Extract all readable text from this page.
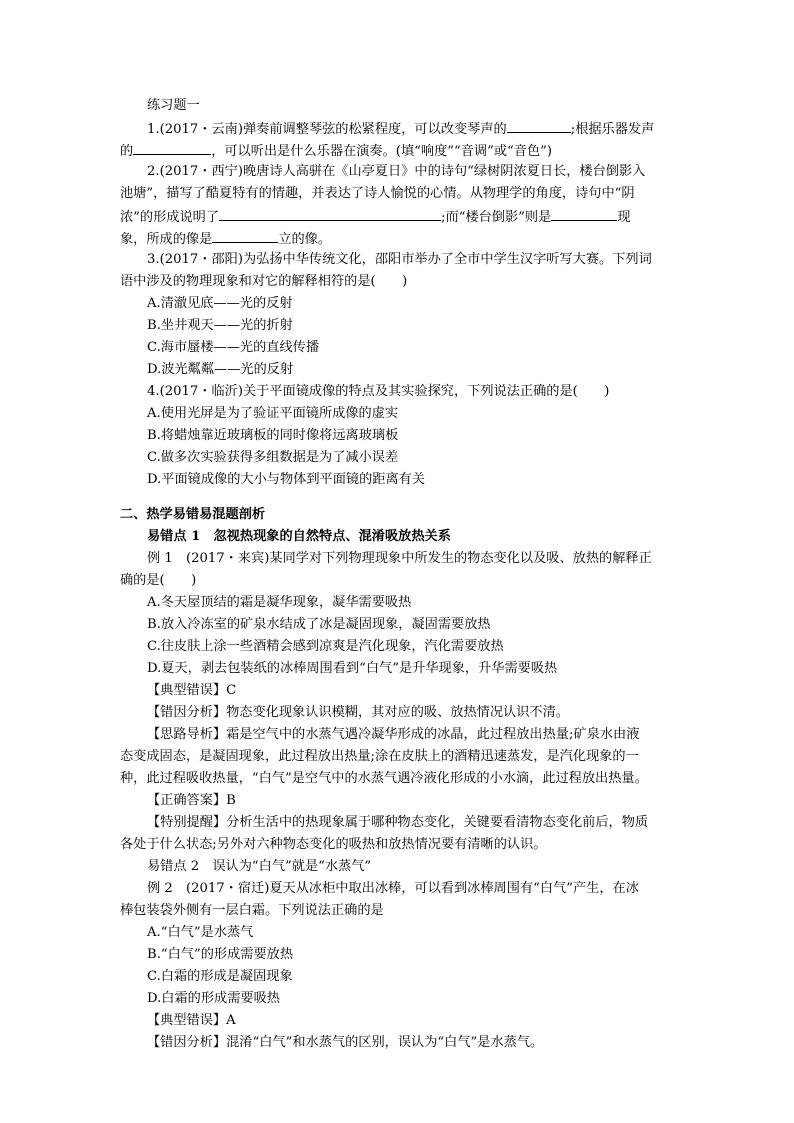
练习题一
1.(2017・云南)弹奏前调整琴弦的松紧程度，可以改变琴声的	;根据乐器发声
的	，可以听出是什么乐器在演奏。(填“响度”“音调”或“音色”)
2.(2017・西宁)晚唐诗人高骈在《山亭夏日》中的诗句“绿树阴浓夏日长，楼台倒影入
池塘”，描写了酷夏特有的情趣，并表达了诗人愉悦的心情。从物理学的角度，诗句中“阴
浓”的形成说明了	;而“楼台倒影”则是	现
象，所成的像是	立的像。
3.(2017・邵阳)为弘扬中华传统文化，邵阳市举办了全市中学生汉字听写大赛。下列词
语中涉及的物理现象和对它的解释相符的是(　　)
A.清澈见底——光的反射
B.坐井观天——光的折射
C.海市蜃楼——光的直线传播
D.波光粼粼——光的反射
4.(2017・临沂)关于平面镜成像的特点及其实验探究，下列说法正确的是(　　)
A.使用光屏是为了验证平面镜所成像的虚实
B.将蜡烛靠近玻璃板的同时像将远离玻璃板
C.做多次实验获得多组数据是为了减小误差
D.平面镜成像的大小与物体到平面镜的距离有关
二、热学易错易混题剖析
易错点 1　忽视热现象的自然特点、混淆吸放热关系
例 1　(2017・来宾)某同学对下列物理现象中所发生的物态变化以及吸、放热的解释正
确的是(　　)
A.冬天屋顶结的霜是凝华现象，凝华需要吸热
B.放入冷冻室的矿泉水结成了冰是凝固现象，凝固需要放热
C.往皮肤上涂一些酒精会感到凉爽是汽化现象，汽化需要放热
D.夏天，剥去包装纸的冰棒周围看到“白气”是升华现象，升华需要吸热
【典型错误】C
【错因分析】物态变化现象认识模糊，其对应的吸、放热情况认识不清。
【思路导析】霜是空气中的水蒸气遇冷凝华形成的冰晶，此过程放出热量;矿泉水由液
态变成固态，是凝固现象，此过程放出热量;涂在皮肤上的酒精迅速蒸发，是汽化现象的一
种，此过程吸收热量，“白气”是空气中的水蒸气遇冷液化形成的小水滴，此过程放出热量。
【正确答案】B
【特别提醒】分析生活中的热现象属于哪种物态变化，关键要看清物态变化前后，物质
各处于什么状态;另外对六种物态变化的吸热和放热情况要有清晰的认识。
易错点 2　误认为“白气”就是“水蒸气”
例 2　(2017・宿迁)夏天从冰柜中取出冰棒，可以看到冰棒周围有“白气”产生，在冰
棒包装袋外侧有一层白霜。下列说法正确的是
A.“白气”是水蒸气
B.“白气”的形成需要放热
C.白霜的形成是凝固现象
D.白霜的形成需要吸热
【典型错误】A
【错因分析】混淆“白气”和水蒸气的区别，误认为“白气”是水蒸气。
